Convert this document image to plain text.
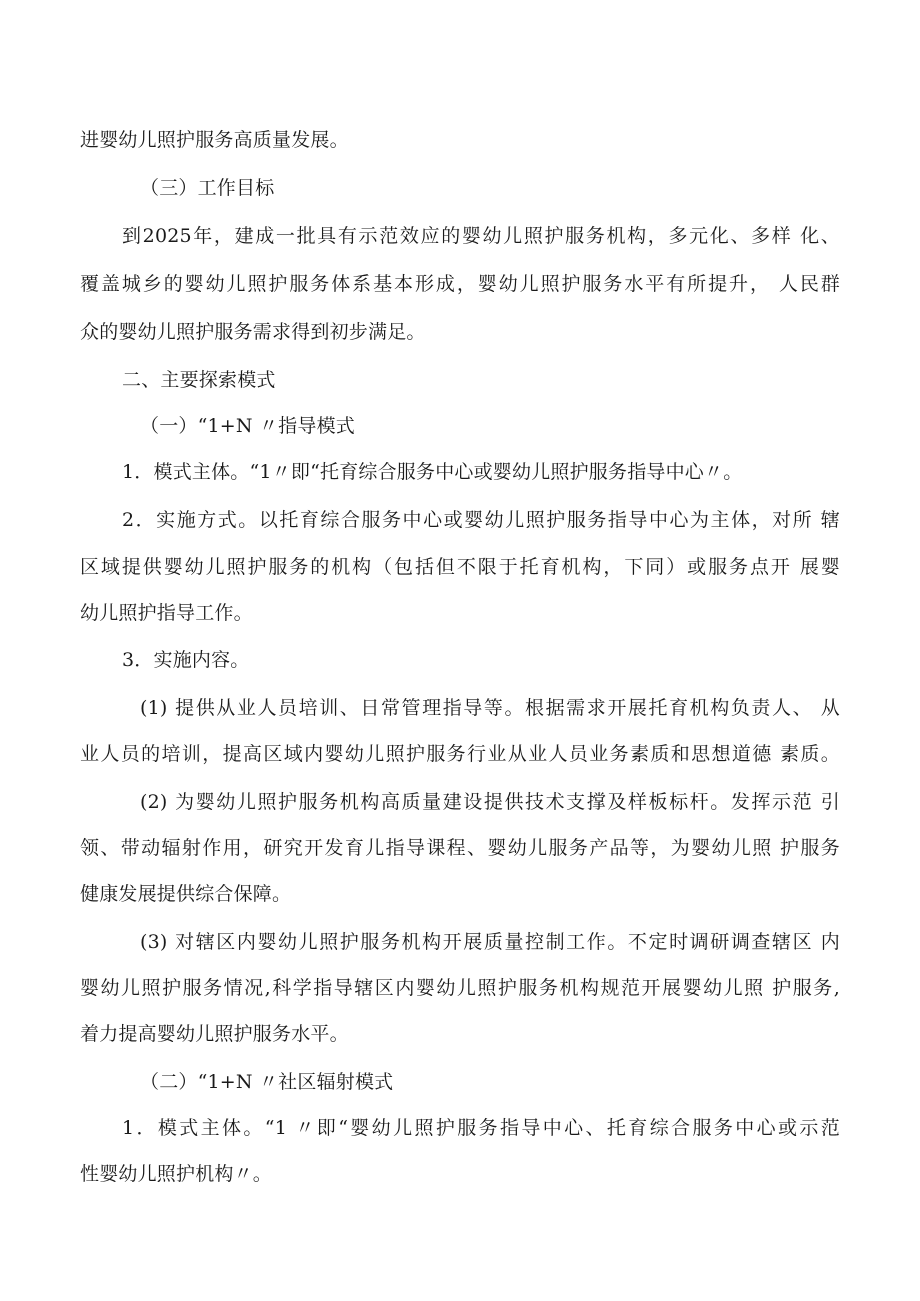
进婴幼儿照护服务高质量发展。
（三）工作目标
到2025年，建成一批具有示范效应的婴幼儿照护服务机构，多元化、多样 化、
覆盖城乡的婴幼儿照护服务体系基本形成，婴幼儿照护服务水平有所提升， 人民群
众的婴幼儿照护服务需求得到初步满足。
二、主要探索模式
（一）“1+N 〃指导模式
1．模式主体。“1〃即“托育综合服务中心或婴幼儿照护服务指导中心〃。
2．实施方式。以托育综合服务中心或婴幼儿照护服务指导中心为主体，对所 辖
区域提供婴幼儿照护服务的机构（包括但不限于托育机构，下同）或服务点开 展婴
幼儿照护指导工作。
3．实施内容。
(1) 提供从业人员培训、日常管理指导等。根据需求开展托育机构负责人、 从
业人员的培训，提高区域内婴幼儿照护服务行业从业人员业务素质和思想道德 素质。
(2) 为婴幼儿照护服务机构高质量建设提供技术支撑及样板标杆。发挥示范 引
领、带动辐射作用，研究开发育儿指导课程、婴幼儿服务产品等，为婴幼儿照 护服务
健康发展提供综合保障。
(3) 对辖区内婴幼儿照护服务机构开展质量控制工作。不定时调研调查辖区 内
婴幼儿照护服务情况,科学指导辖区内婴幼儿照护服务机构规范开展婴幼儿照 护服务,
着力提高婴幼儿照护服务水平。
（二）“1+N 〃社区辐射模式
1．模式主体。“1 〃即“婴幼儿照护服务指导中心、托育综合服务中心或示范
性婴幼儿照护机构〃。
